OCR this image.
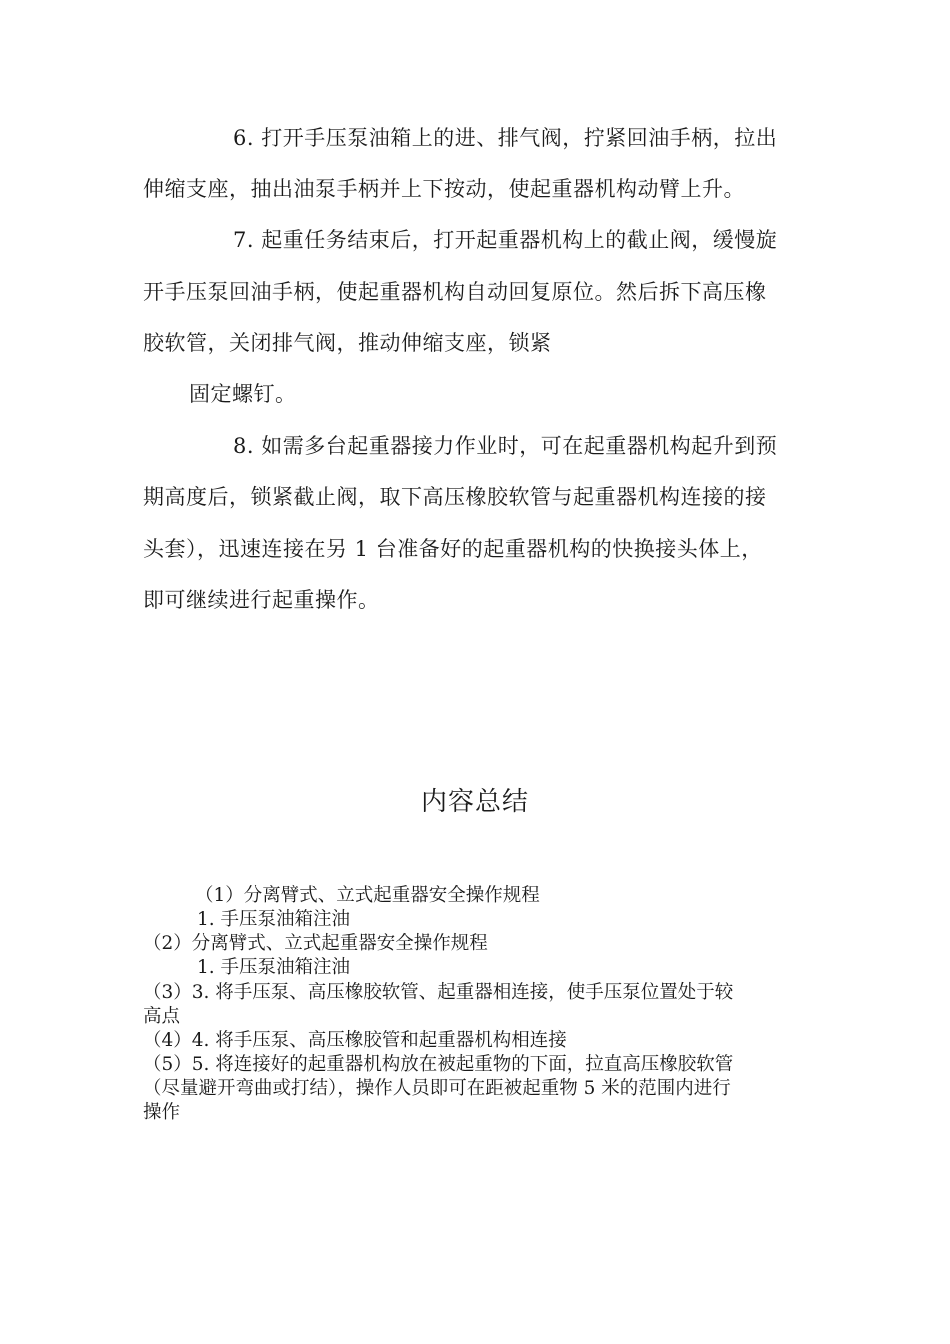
6. 打开手压泵油箱上的进、排气阀，拧紧回油手柄，拉出
伸缩支座，抽出油泵手柄并上下按动，使起重器机构动臂上升。
7. 起重任务结束后，打开起重器机构上的截止阀，缓慢旋
开手压泵回油手柄，使起重器机构自动回复原位。然后拆下高压橡
胶软管，关闭排气阀，推动伸缩支座，锁紧
固定螺钉。
8. 如需多台起重器接力作业时，可在起重器机构起升到预
期高度后，锁紧截止阀，取下高压橡胶软管与起重器机构连接的接
头套），迅速连接在另 1 台准备好的起重器机构的快换接头体上，
即可继续进行起重操作。
内容总结
（1）分离臂式、立式起重器安全操作规程
1. 手压泵油箱注油
（2）分离臂式、立式起重器安全操作规程
1. 手压泵油箱注油
（3）3. 将手压泵、高压橡胶软管、起重器相连接，使手压泵位置处于较
高点
（4）4. 将手压泵、高压橡胶管和起重器机构相连接
（5）5. 将连接好的起重器机构放在被起重物的下面，拉直高压橡胶软管
（尽量避开弯曲或打结），操作人员即可在距被起重物 5 米的范围内进行
操作
